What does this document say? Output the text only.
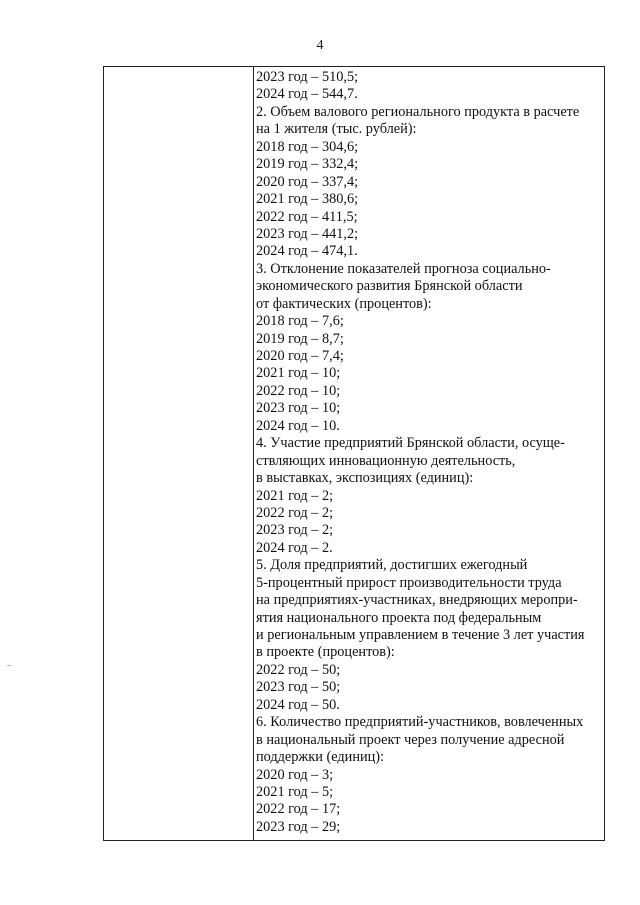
4
2023 год – 510,5;
2024 год – 544,7.
2. Объем валового регионального продукта в расчете
на 1 жителя (тыс. рублей):
2018 год – 304,6;
2019 год – 332,4;
2020 год – 337,4;
2021 год – 380,6;
2022 год – 411,5;
2023 год – 441,2;
2024 год – 474,1.
3. Отклонение показателей прогноза социально-
экономического развития Брянской области
от фактических (процентов):
2018 год – 7,6;
2019 год – 8,7;
2020 год – 7,4;
2021 год – 10;
2022 год – 10;
2023 год – 10;
2024 год – 10.
4. Участие предприятий Брянской области, осуще-
ствляющих инновационную деятельность,
в выставках, экспозициях (единиц):
2021 год – 2;
2022 год – 2;
2023 год – 2;
2024 год – 2.
5. Доля предприятий, достигших ежегодный
5-процентный прирост производительности труда
на предприятиях-участниках, внедряющих меропри-
ятия национального проекта под федеральным
и региональным управлением в течение 3 лет участия
в проекте (процентов):
2022 год – 50;
2023 год – 50;
2024 год – 50.
6. Количество предприятий-участников, вовлеченных
в национальный проект через получение адресной
поддержки (единиц):
2020 год – 3;
2021 год – 5;
2022 год – 17;
2023 год – 29;
